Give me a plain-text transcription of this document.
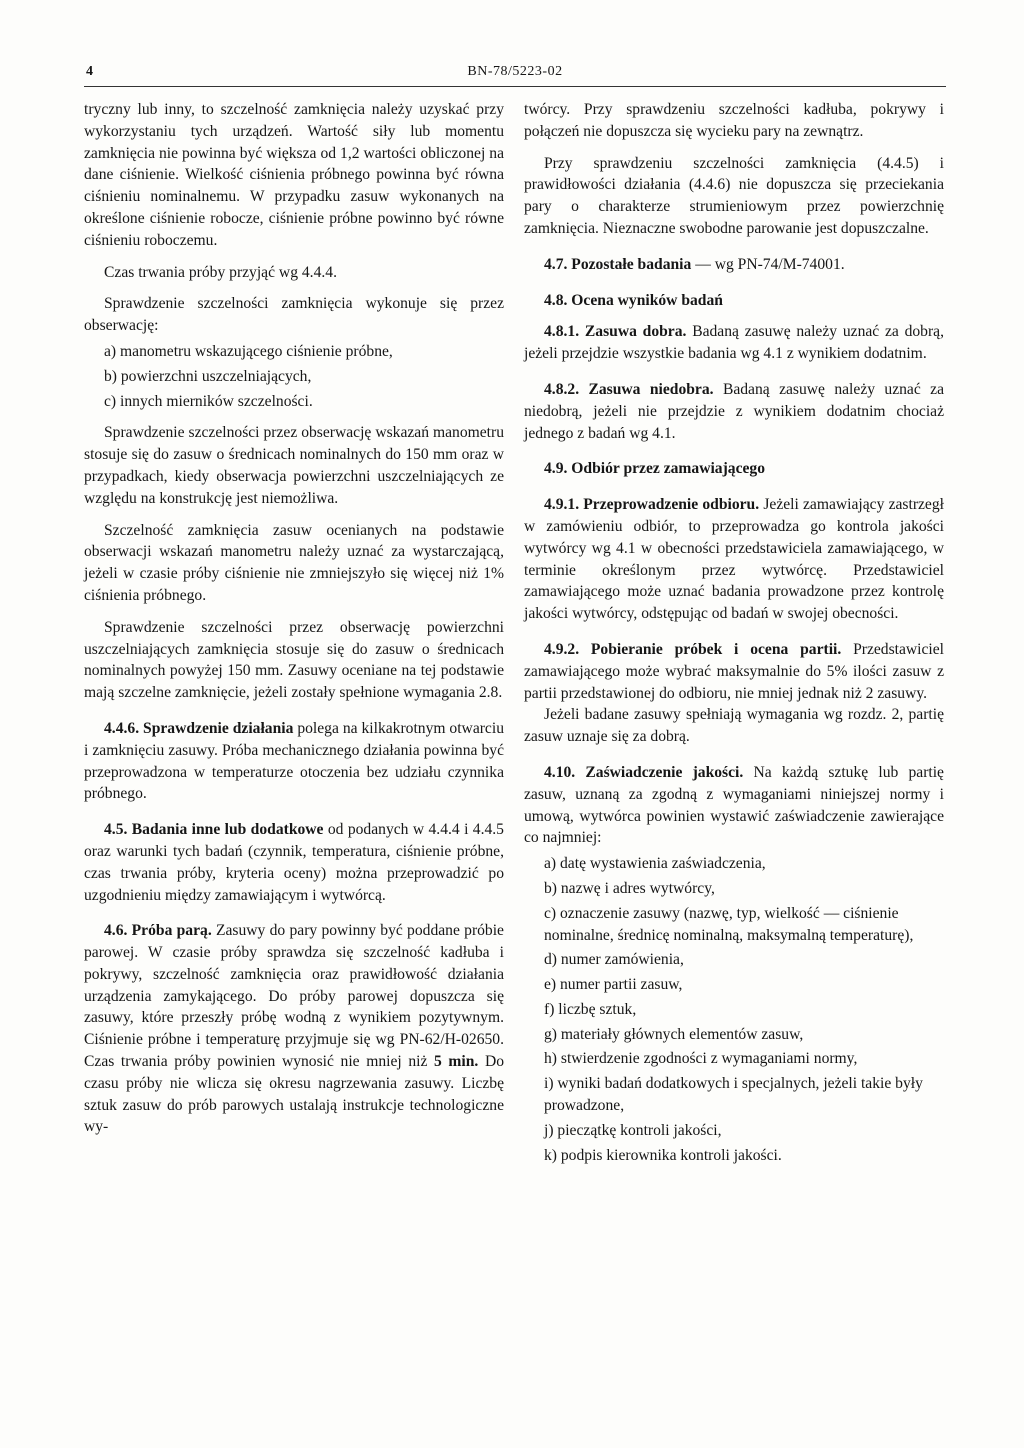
4	BN-78/5223-02

tryczny lub inny, to szczelność zamknięcia należy uzyskać przy wykorzystaniu tych urządzeń. Wartość siły lub momentu zamknięcia nie powinna być większa od 1,2 wartości obliczonej na dane ciśnienie. Wielkość ciśnienia próbnego powinna być równa ciśnieniu nominalnemu. W przypadku zasuw wykonanych na określone ciśnienie robocze, ciśnienie próbne powinno być równe ciśnieniu roboczemu.

Czas trwania próby przyjąć wg 4.4.4.

Sprawdzenie szczelności zamknięcia wykonuje się przez obserwację:

a) manometru wskazującego ciśnienie próbne,

b) powierzchni uszczelniających,

c) innych mierników szczelności.

Sprawdzenie szczelności przez obserwację wskazań manometru stosuje się do zasuw o średnicach nominalnych do 150 mm oraz w przypadkach, kiedy obserwacja powierzchni uszczelniających ze względu na konstrukcję jest niemożliwa.

Szczelność zamknięcia zasuw ocenianych na podstawie obserwacji wskazań manometru należy uznać za wystarczającą, jeżeli w czasie próby ciśnienie nie zmniejszyło się więcej niż 1% ciśnienia próbnego.

Sprawdzenie szczelności przez obserwację powierzchni uszczelniających zamknięcia stosuje się do zasuw o średnicach nominalnych powyżej 150 mm. Zasuwy oceniane na tej podstawie mają szczelne zamknięcie, jeżeli zostały spełnione wymagania 2.8.

4.4.6. Sprawdzenie działania polega na kilkakrotnym otwarciu i zamknięciu zasuwy. Próba mechanicznego działania powinna być przeprowadzona w temperaturze otoczenia bez udziału czynnika próbnego.

4.5. Badania inne lub dodatkowe od podanych w 4.4.4 i 4.4.5 oraz warunki tych badań (czynnik, temperatura, ciśnienie próbne, czas trwania próby, kryteria oceny) można przeprowadzić po uzgodnieniu między zamawiającym i wytwórcą.

4.6. Próba parą. Zasuwy do pary powinny być poddane próbie parowej. W czasie próby sprawdza się szczelność kadłuba i pokrywy, szczelność zamknięcia oraz prawidłowość działania urządzenia zamykającego. Do próby parowej dopuszcza się zasuwy, które przeszły próbę wodną z wynikiem pozytywnym. Ciśnienie próbne i temperaturę przyjmuje się wg PN-62/H-02650. Czas trwania próby powinien wynosić nie mniej niż 5 min. Do czasu próby nie wlicza się okresu nagrzewania zasuwy. Liczbę sztuk zasuw do prób parowych ustalają instrukcje technologiczne wy-

twórcy. Przy sprawdzeniu szczelności kadłuba, pokrywy i połączeń nie dopuszcza się wycieku pary na zewnątrz.

Przy sprawdzeniu szczelności zamknięcia (4.4.5) i prawidłowości działania (4.4.6) nie dopuszcza się przeciekania pary o charakterze strumieniowym przez powierzchnię zamknięcia. Nieznaczne swobodne parowanie jest dopuszczalne.

4.7. Pozostałe badania — wg PN-74/M-74001.

4.8. Ocena wyników badań

4.8.1. Zasuwa dobra. Badaną zasuwę należy uznać za dobrą, jeżeli przejdzie wszystkie badania wg 4.1 z wynikiem dodatnim.

4.8.2. Zasuwa niedobra. Badaną zasuwę należy uznać za niedobrą, jeżeli nie przejdzie z wynikiem dodatnim chociaż jednego z badań wg 4.1.

4.9. Odbiór przez zamawiającego

4.9.1. Przeprowadzenie odbioru. Jeżeli zamawiający zastrzegł w zamówieniu odbiór, to przeprowadza go kontrola jakości wytwórcy wg 4.1 w obecności przedstawiciela zamawiającego, w terminie określonym przez wytwórcę. Przedstawiciel zamawiającego może uznać badania prowadzone przez kontrolę jakości wytwórcy, odstępując od badań w swojej obecności.

4.9.2. Pobieranie próbek i ocena partii. Przedstawiciel zamawiającego może wybrać maksymalnie do 5% ilości zasuw z partii przedstawionej do odbioru, nie mniej jednak niż 2 zasuwy.

Jeżeli badane zasuwy spełniają wymagania wg rozdz. 2, partię zasuw uznaje się za dobrą.

4.10. Zaświadczenie jakości. Na każdą sztukę lub partię zasuw, uznaną za zgodną z wymaganiami niniejszej normy i umową, wytwórca powinien wystawić zaświadczenie zawierające co najmniej:

a) datę wystawienia zaświadczenia,

b) nazwę i adres wytwórcy,

c) oznaczenie zasuwy (nazwę, typ, wielkość — ciśnienie nominalne, średnicę nominalną, maksymalną temperaturę),

d) numer zamówienia,

e) numer partii zasuw,

f) liczbę sztuk,

g) materiały głównych elementów zasuw,

h) stwierdzenie zgodności z wymaganiami normy,

i) wyniki badań dodatkowych i specjalnych, jeżeli takie były prowadzone,

j) pieczątkę kontroli jakości,

k) podpis kierownika kontroli jakości.
